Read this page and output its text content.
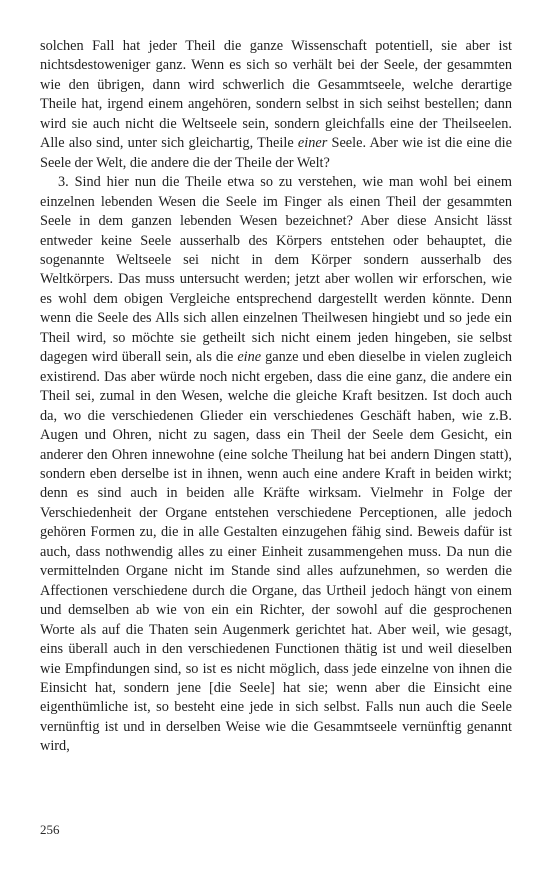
solchen Fall hat jeder Theil die ganze Wissenschaft potentiell, sie aber ist nichtsdestoweniger ganz. Wenn es sich so verhält bei der Seele, der gesammten wie den übrigen, dann wird schwerlich die Gesammtseele, welche derartige Theile hat, irgend einem angehören, sondern selbst in sich seihst bestellen; dann wird sie auch nicht die Weltseele sein, sondern gleichfalls eine der Theilseelen. Alle also sind, unter sich gleichartig, Theile einer Seele. Aber wie ist die eine die Seele der Welt, die andere die der Theile der Welt?

3. Sind hier nun die Theile etwa so zu verstehen, wie man wohl bei einem einzelnen lebenden Wesen die Seele im Finger als einen Theil der gesammten Seele in dem ganzen lebenden Wesen bezeichnet? Aber diese Ansicht lässt entweder keine Seele ausserhalb des Körpers entstehen oder behauptet, die sogenannte Weltseele sei nicht in dem Körper sondern ausserhalb des Weltkörpers. Das muss untersucht werden; jetzt aber wollen wir erforschen, wie es wohl dem obigen Vergleiche entsprechend dargestellt werden könnte. Denn wenn die Seele des Alls sich allen einzelnen Theilwesen hingiebt und so jede ein Theil wird, so möchte sie getheilt sich nicht einem jeden hingeben, sie selbst dagegen wird überall sein, als die eine ganze und eben dieselbe in vielen zugleich existirend. Das aber würde noch nicht ergeben, dass die eine ganz, die andere ein Theil sei, zumal in den Wesen, welche die gleiche Kraft besitzen. Ist doch auch da, wo die verschiedenen Glieder ein verschiedenes Geschäft haben, wie z.B. Augen und Ohren, nicht zu sagen, dass ein Theil der Seele dem Gesicht, ein anderer den Ohren innewohne (eine solche Theilung hat bei andern Dingen statt), sondern eben derselbe ist in ihnen, wenn auch eine andere Kraft in beiden wirkt; denn es sind auch in beiden alle Kräfte wirksam. Vielmehr in Folge der Verschiedenheit der Organe entstehen verschiedene Perceptionen, alle jedoch gehören Formen zu, die in alle Gestalten einzugehen fähig sind. Beweis dafür ist auch, dass nothwendig alles zu einer Einheit zusammengehen muss. Da nun die vermittelnden Organe nicht im Stande sind alles aufzunehmen, so werden die Affectionen verschiedene durch die Organe, das Urtheil jedoch hängt von einem und demselben ab wie von ein ein Richter, der sowohl auf die gesprochenen Worte als auf die Thaten sein Augenmerk gerichtet hat. Aber weil, wie gesagt, eins überall auch in den verschiedenen Functionen thätig ist und weil dieselben wie Empfindungen sind, so ist es nicht möglich, dass jede einzelne von ihnen die Einsicht hat, sondern jene [die Seele] hat sie; wenn aber die Einsicht eine eigenthümliche ist, so besteht eine jede in sich selbst. Falls nun auch die Seele vernünftig ist und in derselben Weise wie die Gesammtseele vernünftig genannt wird,

256
